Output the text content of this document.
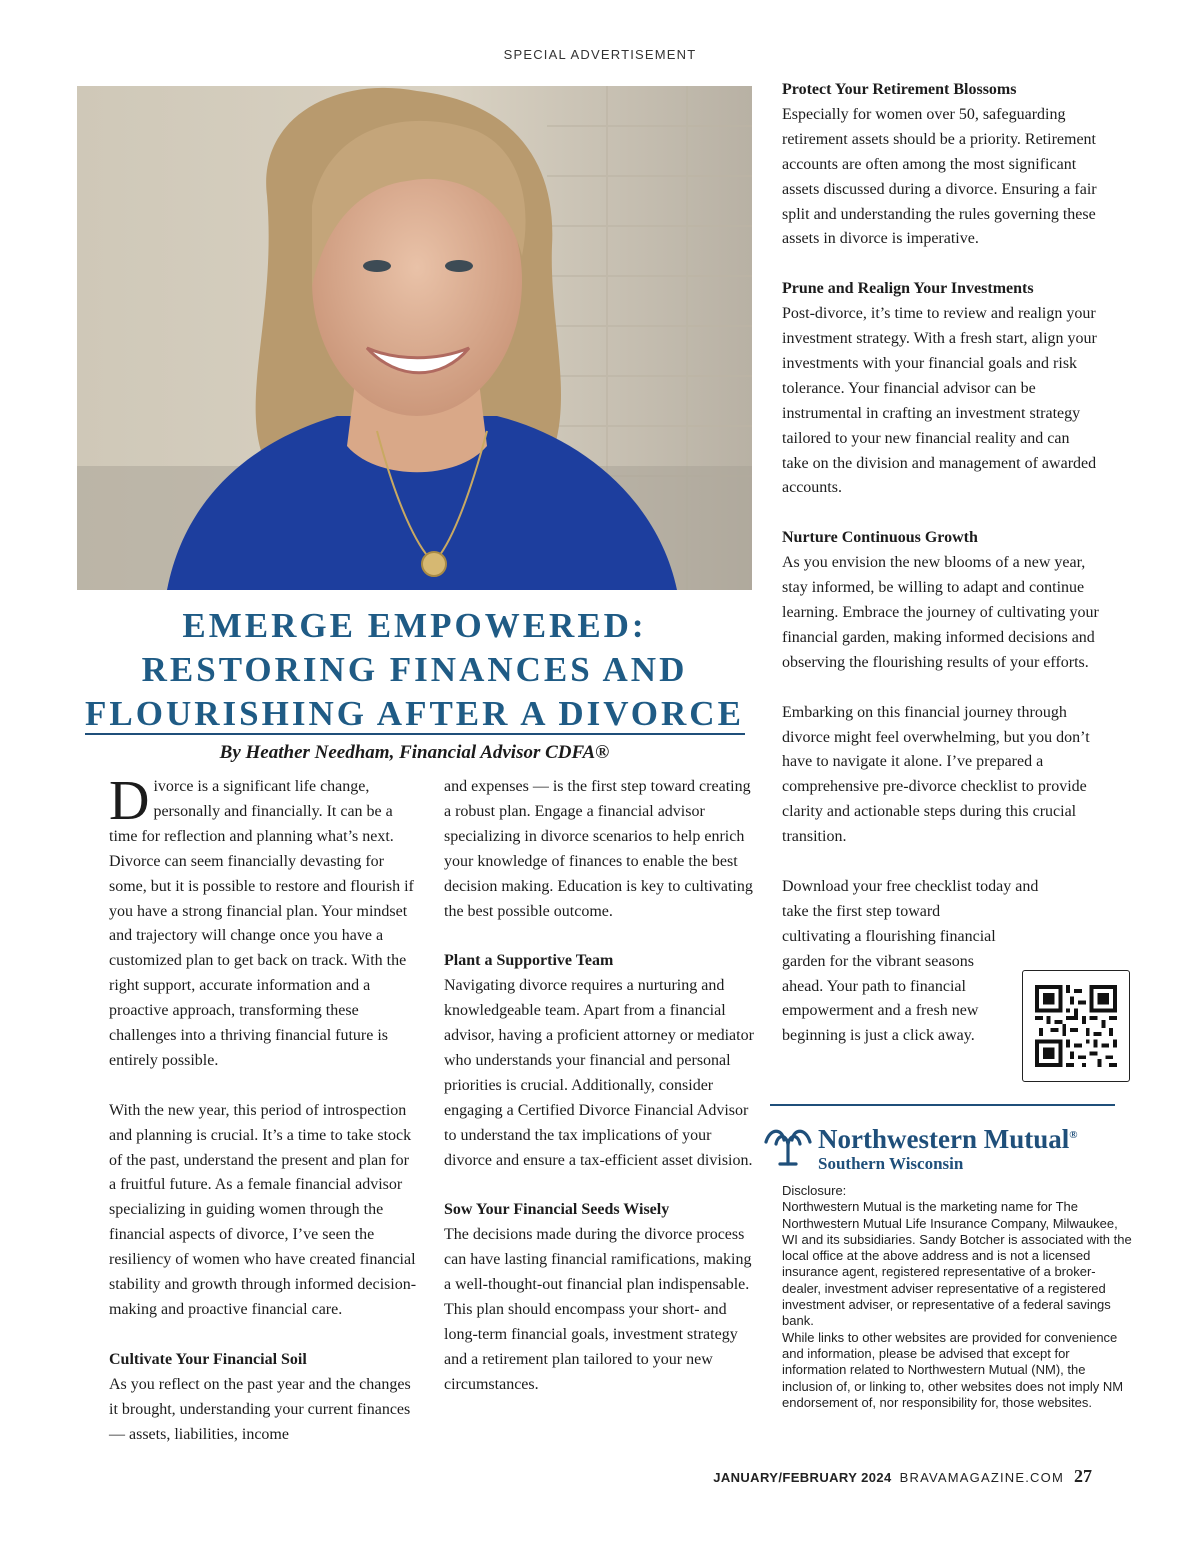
SPECIAL ADVERTISEMENT
EMERGE EMPOWERED:
RESTORING FINANCES AND
FLOURISHING AFTER A DIVORCE
By Heather Needham, Financial Advisor CDFA®

Divorce is a significant life change, personally and financially. It can be a time for reflection and planning what’s next. Divorce can seem financially devasting for some, but it is possible to restore and flourish if you have a strong financial plan. Your mindset and trajectory will change once you have a customized plan to get back on track. With the right support, accurate information and a proactive approach, transforming these challenges into a thriving financial future is entirely possible.

With the new year, this period of introspection and planning is crucial. It’s a time to take stock of the past, understand the present and plan for a fruitful future. As a female financial advisor specializing in guiding women through the financial aspects of divorce, I’ve seen the resiliency of women who have created financial stability and growth through informed decision-making and proactive financial care.

Cultivate Your Financial Soil

As you reflect on the past year and the changes it brought, understanding your current finances — assets, liabilities, income

and expenses — is the first step toward creating a robust plan. Engage a financial advisor specializing in divorce scenarios to help enrich your knowledge of finances to enable the best decision making. Education is key to cultivating the best possible outcome.

Plant a Supportive Team

Navigating divorce requires a nurturing and knowledgeable team. Apart from a financial advisor, having a proficient attorney or mediator who understands your financial and personal priorities is crucial. Additionally, consider engaging a Certified Divorce Financial Advisor to understand the tax implications of your divorce and ensure a tax-efficient asset division.

Sow Your Financial Seeds Wisely

The decisions made during the divorce process can have lasting financial ramifications, making a well-thought-out financial plan indispensable. This plan should encompass your short- and long-term financial goals, investment strategy and a retirement plan tailored to your new circumstances.

Protect Your Retirement Blossoms

Especially for women over 50, safeguarding retirement assets should be a priority. Retirement accounts are often among the most significant assets discussed during a divorce. Ensuring a fair split and understanding the rules governing these assets in divorce is imperative.

Prune and Realign Your Investments

Post-divorce, it’s time to review and realign your investment strategy. With a fresh start, align your investments with your financial goals and risk tolerance. Your financial advisor can be instrumental in crafting an investment strategy tailored to your new financial reality and can take on the division and management of awarded accounts.

Nurture Continuous Growth

As you envision the new blooms of a new year, stay informed, be willing to adapt and continue learning. Embrace the journey of cultivating your financial garden, making informed decisions and observing the flourishing results of your efforts.

Embarking on this financial journey through divorce might feel overwhelming, but you don’t have to navigate it alone. I’ve prepared a comprehensive pre-divorce checklist to provide clarity and actionable steps during this crucial transition.

Download your free checklist today and
take the first step toward
cultivating a flourishing financial
garden for the vibrant seasons
ahead. Your path to financial
empowerment and a fresh new
beginning is just a click away.
Northwestern Mutual®
Southern Wisconsin

Disclosure:

Northwestern Mutual is the marketing name for The Northwestern Mutual Life Insurance Company, Milwaukee, WI and its subsidiaries. Sandy Botcher is associated with the local office at the above address and is not a licensed insurance agent, registered representative of a broker-dealer, investment adviser representative of a registered investment adviser, or representative of a federal savings bank.

While links to other websites are provided for convenience and information, please be advised that except for information related to Northwestern Mutual (NM), the inclusion of, or linking to, other websites does not imply NM endorsement of, nor responsibility for, those websites.

JANUARY/FEBRUARY 2024 BRAVAMAGAZINE.COM 27
